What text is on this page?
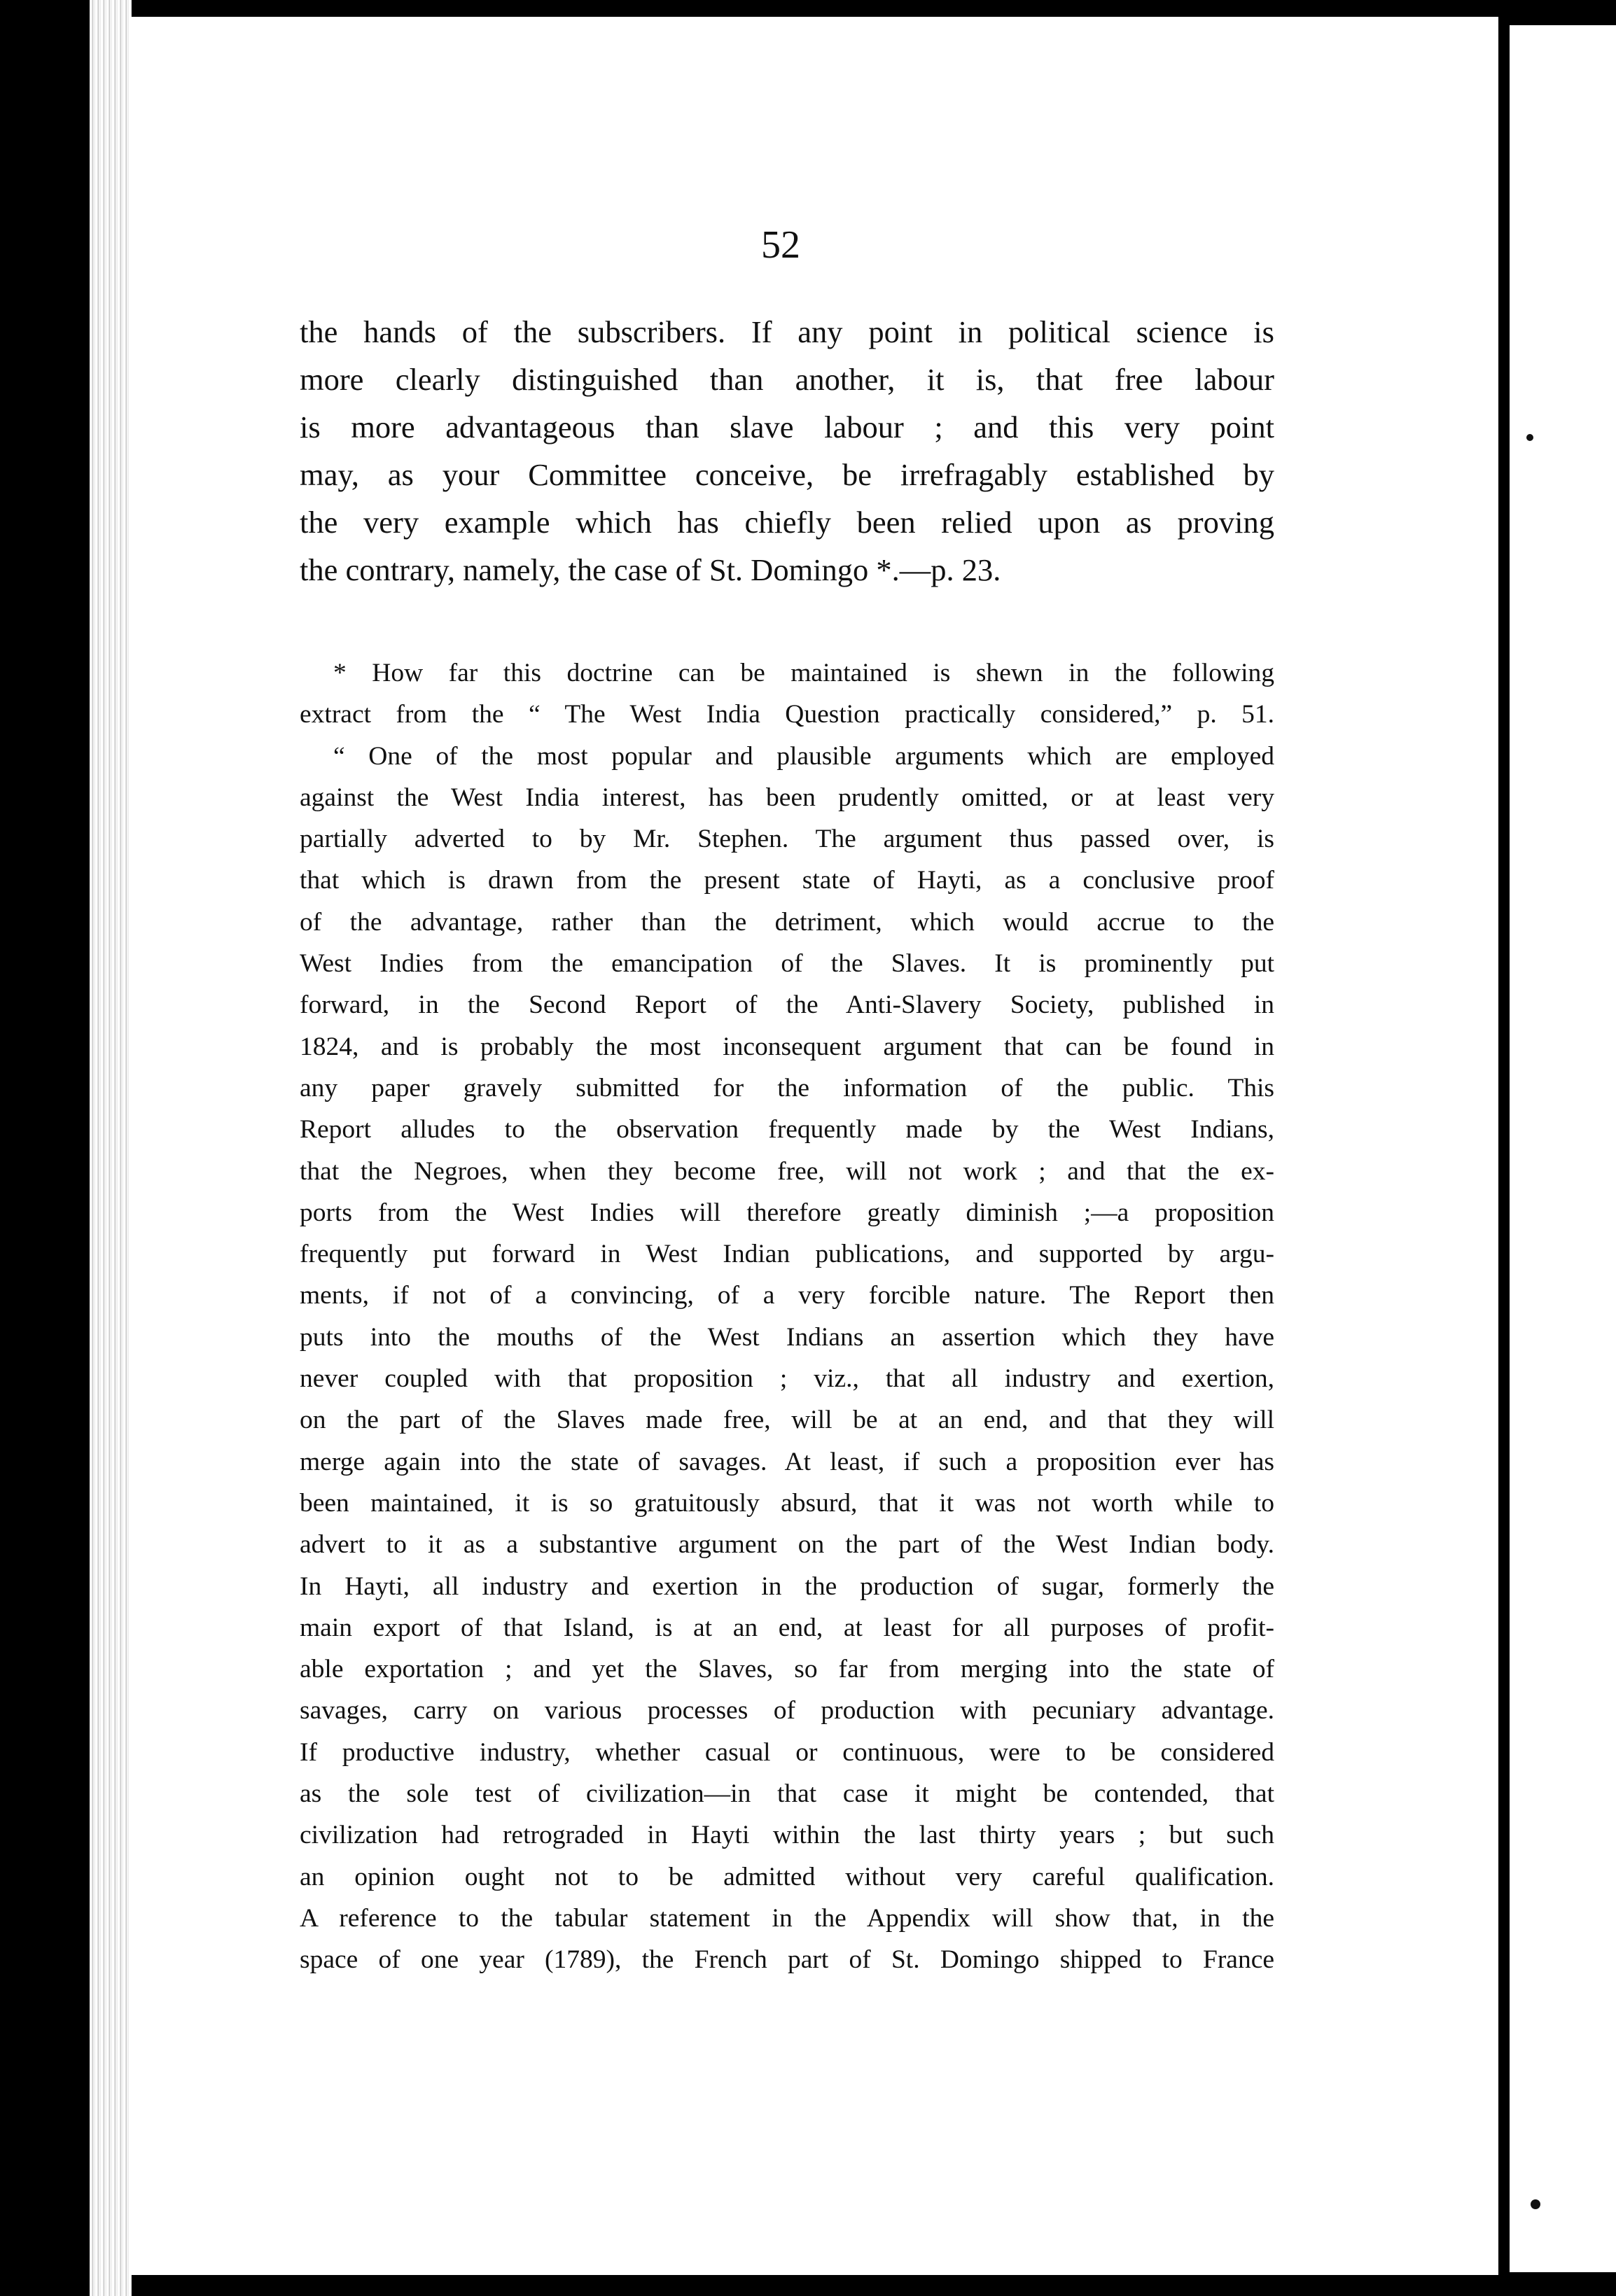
52
the hands of the subscribers. If any point in political science is
more clearly distinguished than another, it is, that free labour
is more advantageous than slave labour ; and this very point
may, as your Committee conceive, be irrefragably established by
the very example which has chiefly been relied upon as proving
the contrary, namely, the case of St. Domingo *.—p. 23.
* How far this doctrine can be maintained is shewn in the following
extract from the “ The West India Question practically considered,” p. 51.
“ One of the most popular and plausible arguments which are employed
against the West India interest, has been prudently omitted, or at least very
partially adverted to by Mr. Stephen. The argument thus passed over, is
that which is drawn from the present state of Hayti, as a conclusive proof
of the advantage, rather than the detriment, which would accrue to the
West Indies from the emancipation of the Slaves. It is prominently put
forward, in the Second Report of the Anti-Slavery Society, published in
1824, and is probably the most inconsequent argument that can be found in
any paper gravely submitted for the information of the public. This
Report alludes to the observation frequently made by the West Indians,
that the Negroes, when they become free, will not work ; and that the ex-
ports from the West Indies will therefore greatly diminish ;—a proposition
frequently put forward in West Indian publications, and supported by argu-
ments, if not of a convincing, of a very forcible nature. The Report then
puts into the mouths of the West Indians an assertion which they have
never coupled with that proposition ; viz., that all industry and exertion,
on the part of the Slaves made free, will be at an end, and that they will
merge again into the state of savages. At least, if such a proposition ever has
been maintained, it is so gratuitously absurd, that it was not worth while to
advert to it as a substantive argument on the part of the West Indian body.
In Hayti, all industry and exertion in the production of sugar, formerly the
main export of that Island, is at an end, at least for all purposes of profit-
able exportation ; and yet the Slaves, so far from merging into the state of
savages, carry on various processes of production with pecuniary advantage.
If productive industry, whether casual or continuous, were to be considered
as the sole test of civilization—in that case it might be contended, that
civilization had retrograded in Hayti within the last thirty years ; but such
an opinion ought not to be admitted without very careful qualification.
A reference to the tabular statement in the Appendix will show that, in the
space of one year (1789), the French part of St. Domingo shipped to France
